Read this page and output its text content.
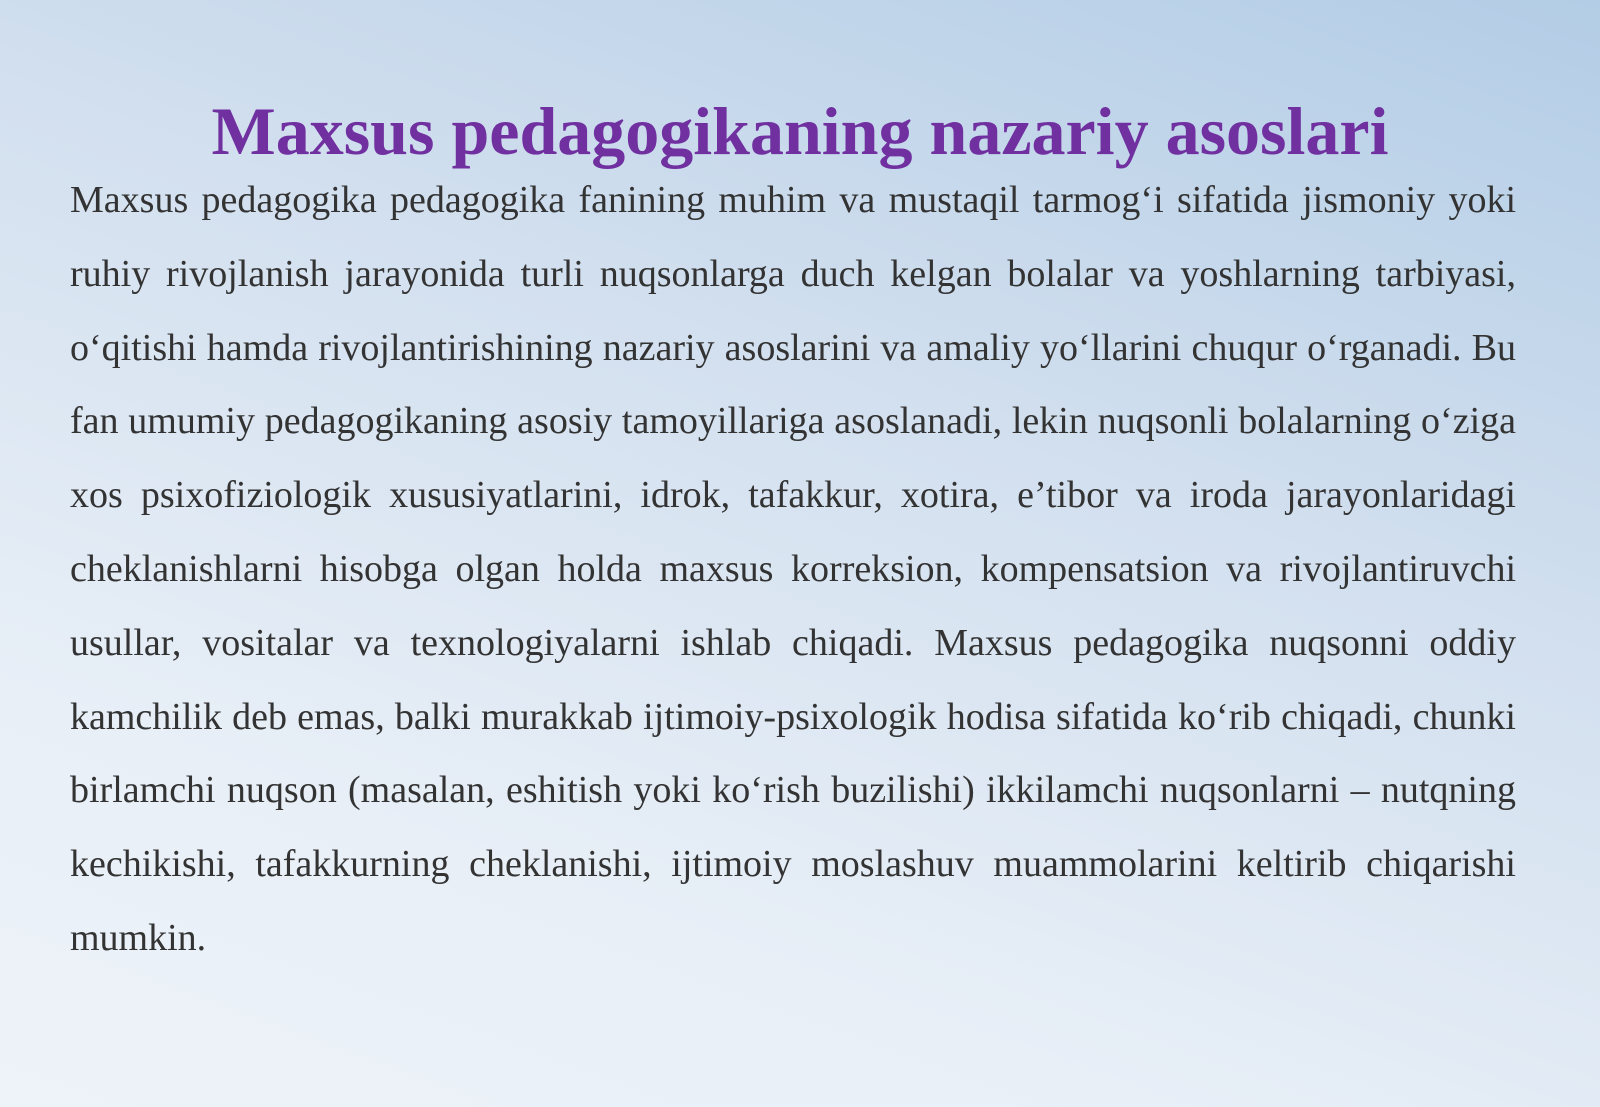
Maxsus pedagogikaning nazariy asoslari

Maxsus pedagogika pedagogika fanining muhim va mustaqil tarmog‘i sifatida jismoniy yoki ruhiy rivojlanish jarayonida turli nuqsonlarga duch kelgan bolalar va yoshlarning tarbiyasi, o‘qitishi hamda rivojlantirishining nazariy asoslarini va amaliy yo‘llarini chuqur o‘rganadi. Bu fan umumiy pedagogikaning asosiy tamoyillariga asoslanadi, lekin nuqsonli bolalarning o‘ziga xos psixofiziologik xususiyatlarini, idrok, tafakkur, xotira, e’tibor va iroda jarayonlaridagi cheklanishlarni hisobga olgan holda maxsus korreksion, kompensatsion va rivojlantiruvchi usullar, vositalar va texnologiyalarni ishlab chiqadi. Maxsus pedagogika nuqsonni oddiy kamchilik deb emas, balki murakkab ijtimoiy-psixologik hodisa sifatida ko‘rib chiqadi, chunki birlamchi nuqson (masalan, eshitish yoki ko‘rish buzilishi) ikkilamchi nuqsonlarni – nutqning kechikishi, tafakkurning cheklanishi, ijtimoiy moslashuv muammolarini keltirib chiqarishi mumkin.
